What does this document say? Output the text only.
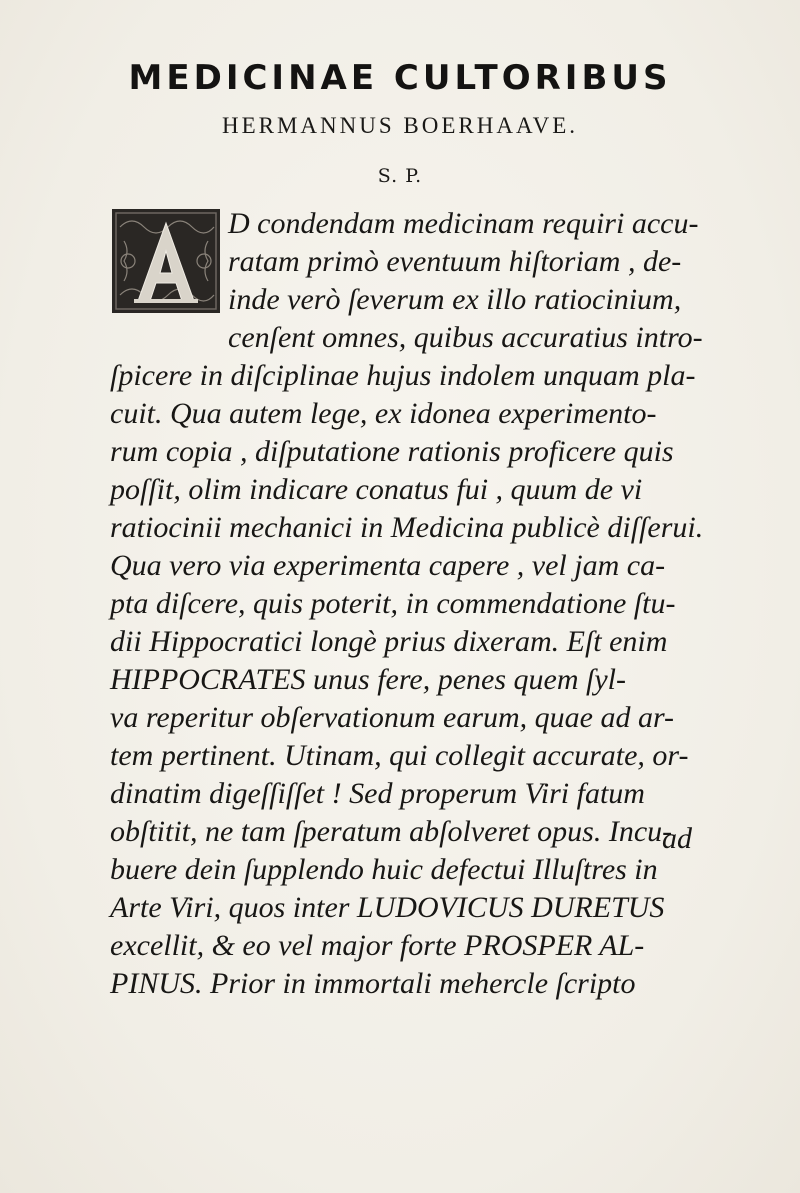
MEDICINAE CULTORIBUS
HERMANNUS BOERHAAVE.
S. P.
D condendam medicinam requiri accu-
ratam primò eventuum hiſtoriam , de-
inde verò ſeverum ex illo ratiocinium,
cenſent omnes, quibus accuratius intro-
ſpicere in diſciplinae hujus indolem unquam pla-
cuit. Qua autem lege, ex idonea experimento-
rum copia , diſputatione rationis proficere quis
poſſit, olim indicare conatus fui , quum de vi
ratiocinii mechanici in Medicina publicè diſſerui.
Qua vero via experimenta capere , vel jam ca-
pta diſcere, quis poterit, in commendatione ſtu-
dii Hippocratici longè prius dixeram. Eſt enim
HIPPOCRATES unus fere, penes quem ſyl-
va reperitur obſervationum earum, quae ad ar-
tem pertinent. Utinam, qui collegit accurate, or-
dinatim digeſſiſſet ! Sed properum Viri fatum
obſtitit, ne tam ſperatum abſolveret opus. Incu-
buere dein ſupplendo huic defectui Illuſtres in
Arte Viri, quos inter LUDOVICUS DURETUS
excellit, & eo vel major forte PROSPER AL-
PINUS. Prior in immortali mehercle ſcripto
ad
